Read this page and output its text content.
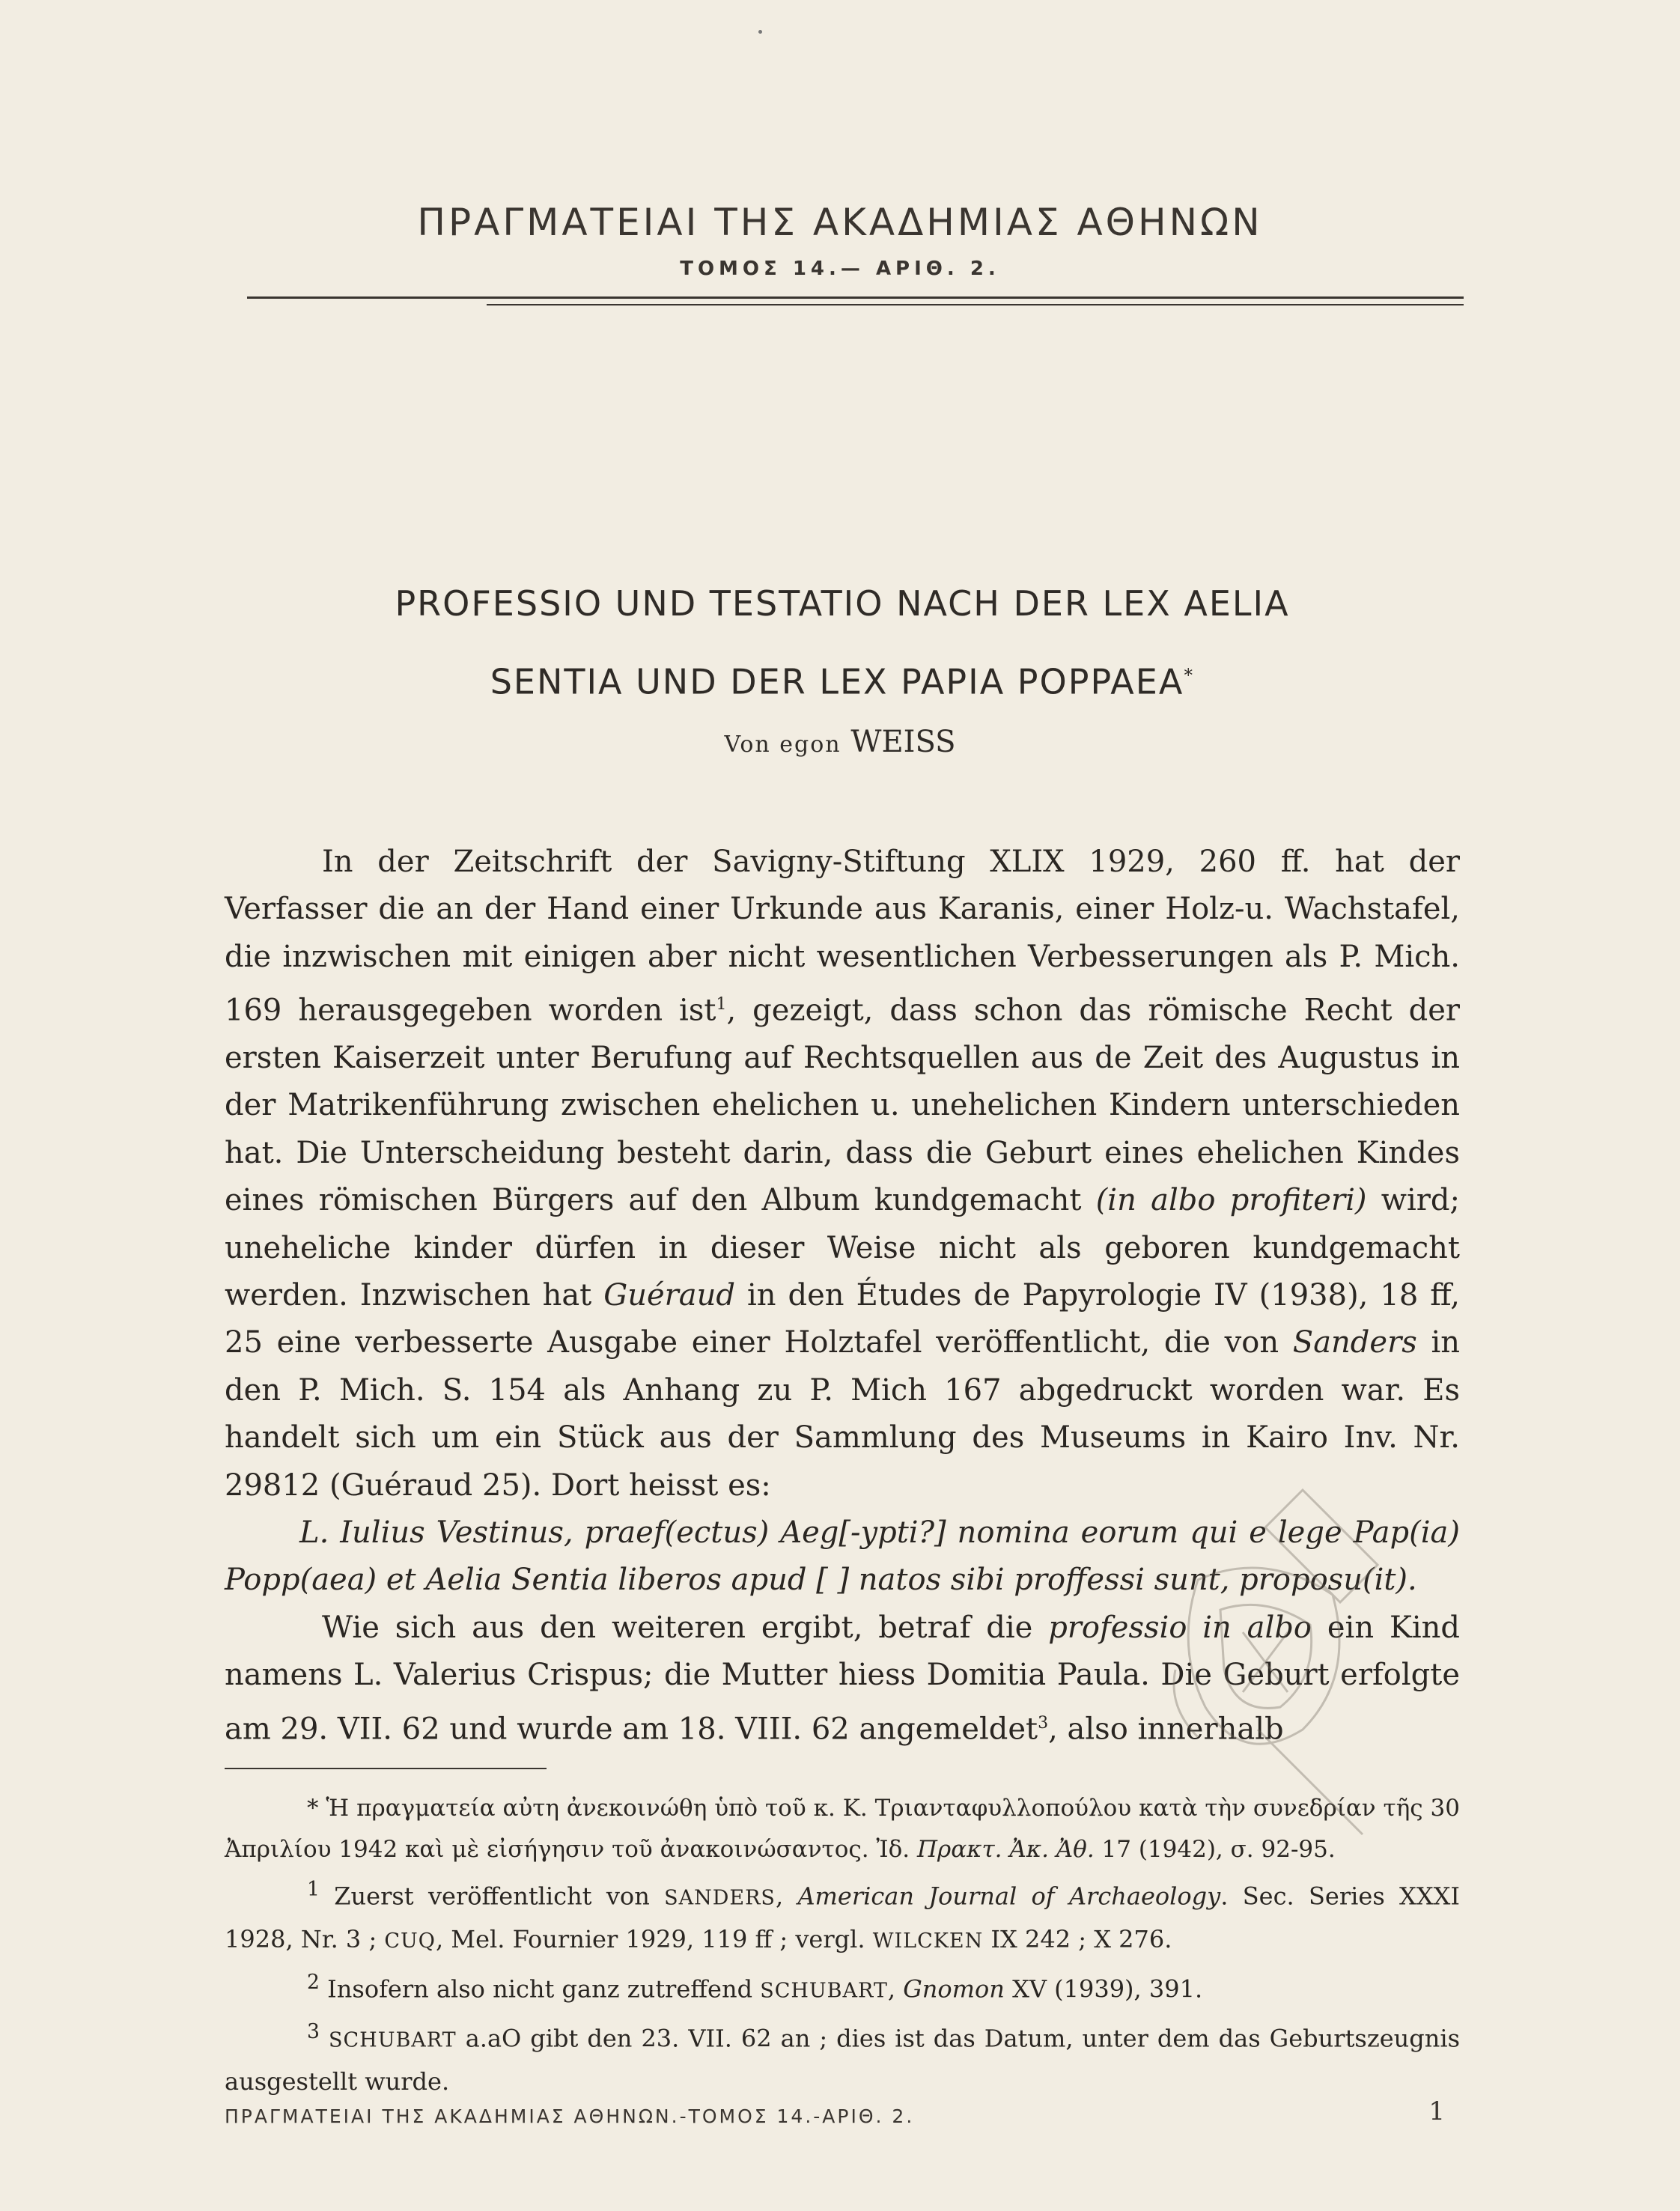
ΠΡΑΓΜΑΤΕΙΑΙ ΤΗΣ ΑΚΑΔΗΜΙΑΣ ΑΘΗΝΩΝ
ΤΟΜΟΣ 14.— ΑΡΙΘ. 2.
PROFESSIO UND TESTATIO NACH DER LEX AELIA
SENTIA UND DER LEX PAPIA POPPAEA*
Von egon WEISS

In der Zeitschrift der Savigny-Stiftung XLIX 1929, 260 ff. hat der Verfasser die an der Hand einer Urkunde aus Karanis, einer Holz-u. Wachstafel, die inzwischen mit einigen aber nicht wesentlichen Verbesserungen als P. Mich. 169 herausgegeben worden ist$^1$, gezeigt, dass schon das römische Recht der ersten Kaiserzeit unter Berufung auf Rechtsquellen aus de Zeit des Augustus in der Matrikenführung zwischen ehelichen u. unehelichen Kindern unterschieden hat. Die Unterscheidung besteht darin, dass die Geburt eines ehelichen Kindes eines römischen Bürgers auf den Album kundgemacht (in albo profiteri) wird; uneheliche kinder dürfen in dieser Weise nicht als geboren kundgemacht werden. Inzwischen hat Guéraud in den Études de Papyrologie IV (1938), 18 ff, 25 eine verbesserte Ausgabe einer Holztafel veröffentlicht, die von Sanders in den P. Mich. S. 154 als Anhang zu P. Mich 167 abgedruckt worden war. Es handelt sich um ein Stück aus der Sammlung des Museums in Kairo Inv. Nr. 29812 (Guéraud 25). Dort heisst es:

L. Iulius Vestinus, praef(ectus) Aeg[-ypti?] nomina eorum qui e lege Pap(ia) Popp(aea) et Aelia Sentia liberos apud [ ] natos sibi proffessi sunt, proposu(it).

Wie sich aus den weiteren ergibt, betraf die professio in albo ein Kind namens L. Valerius Crispus; die Mutter hiess Domitia Paula. Die Geburt erfolgte am 29. VII. 62 und wurde am 18. VIII. 62 angemeldet$^3$, also innerhalb

* Ἡ πραγματεία αὐτη ἀνεκοινώθη ὑπὸ τοῦ κ. Κ. Τριανταφυλλοπούλου κατὰ τὴν συνεδρίαν τῆς 30 Ἀπριλίου 1942 καὶ μὲ εἰσήγησιν τοῦ ἀνακοινώσαντος. Ἰδ. Πρακτ. Ἀκ. Ἀθ. 17 (1942), σ. 92-95.

$^1$ Zuerst veröffentlicht von SANDERS, American Journal of Archaeology. Sec. Series XXXI 1928, Nr. 3 ; CUQ, Mel. Fournier 1929, 119 ff ; vergl. WILCKEN IX 242 ; X 276.

$^2$ Insofern also nicht ganz zutreffend SCHUBART, Gnomon XV (1939), 391.

$^3$ SCHUBART a.aO gibt den 23. VII. 62 an ; dies ist das Datum, unter dem das Geburtszeugnis ausgestellt wurde.

ΠΡΑΓΜΑΤΕΙΑΙ ΤΗΣ ΑΚΑΔΗΜΙΑΣ ΑΘΗΝΩΝ.-ΤΟΜΟΣ 14.-ΑΡΙΘ. 2.	1
